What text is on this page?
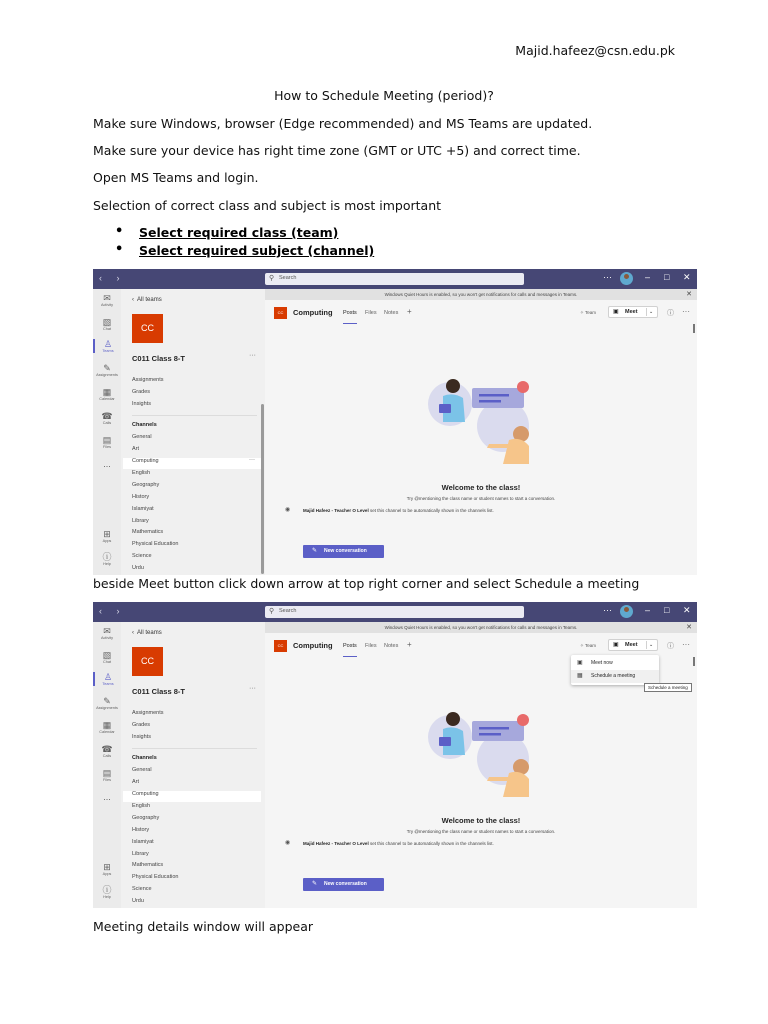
Majid.hafeez@csn.edu.pk
How to Schedule Meeting (period)?
Make sure Windows, browser (Edge recommended) and MS Teams are updated.
Make sure your device has right time zone (GMT or UTC +5) and correct time.
Open MS Teams and login.
Selection of correct class and subject is most important
• Select required class (team)
• Select required subject (channel)
‹ ›	⚲ Search	···	– □ ✕
✉
Activity
▧
Chat
♙
Teams
✎
Assignments
▦
Calendar
☎
Calls
▤
Files
...
⊞
Apps
ⓘ
Help
‹ All teams
CC
C011 Class 8-T	···
Assignments
Grades
Insights
Channels
General
Art
Computing	···
English
Geography
History
Islamiyat
Library
Mathematics
Physical Education
Science
Urdu
Windows Quiet Hours is enabled, so you won't get notifications for calls and messages in Teams.	✕
CC	Computing Posts Files Notes +	✧ Team	▣ Meet ⌄ ⓘ ···
Welcome to the class!
Try @mentioning the class name or student names to start a conversation.
◉	Majid Hafeez - Teacher O Level set this channel to be automatically shown in the channels list.
✎ New conversation
beside Meet button click down arrow at top right corner and select Schedule a meeting
‹ ›	⚲ Search	···	– □ ✕
✉
Activity
▧
Chat
♙
Teams
✎
Assignments
▦
Calendar
☎
Calls
▤
Files
...
⊞
Apps
ⓘ
Help
‹ All teams
CC
C011 Class 8-T	···
Assignments
Grades
Insights
Channels
General
Art
Computing
English
Geography
History
Islamiyat
Library
Mathematics
Physical Education
Science
Urdu
Windows Quiet Hours is enabled, so you won't get notifications for calls and messages in Teams.	✕
CC	Computing Posts Files Notes +	✧ Team	▣ Meet ⌄ ⓘ ···
Welcome to the class!
Try @mentioning the class name or student names to start a conversation.
◉	Majid Hafeez - Teacher O Level set this channel to be automatically shown in the channels list.
✎ New conversation
▣ Meet now
▦ Schedule a meeting
Schedule a meeting
Meeting details window will appear
